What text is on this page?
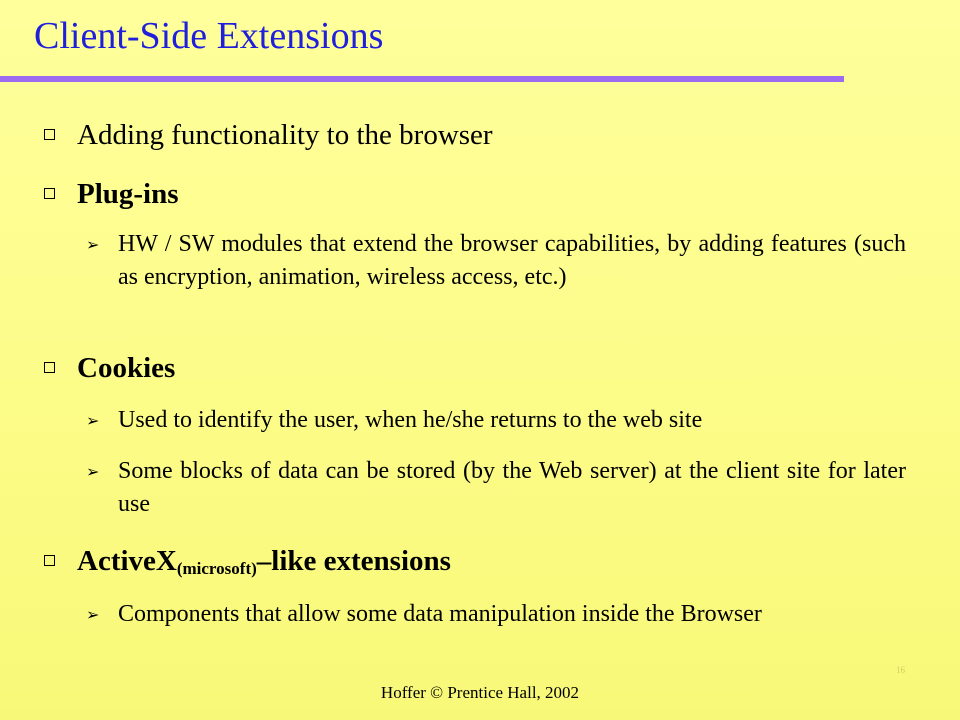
Client-Side Extensions
Adding functionality to the browser
Plug-ins
➢ HW / SW modules that extend the browser capabilities, by adding features (such as encryption, animation, wireless access, etc.)
Cookies
➢ Used to identify the user, when he/she returns to the web site
➢ Some blocks of data can be stored (by the Web server) at the client site for later use
ActiveX$_{(microsoft)}$–like extensions
➢ Components that allow some data manipulation inside the Browser
16
Hoffer © Prentice Hall, 2002
